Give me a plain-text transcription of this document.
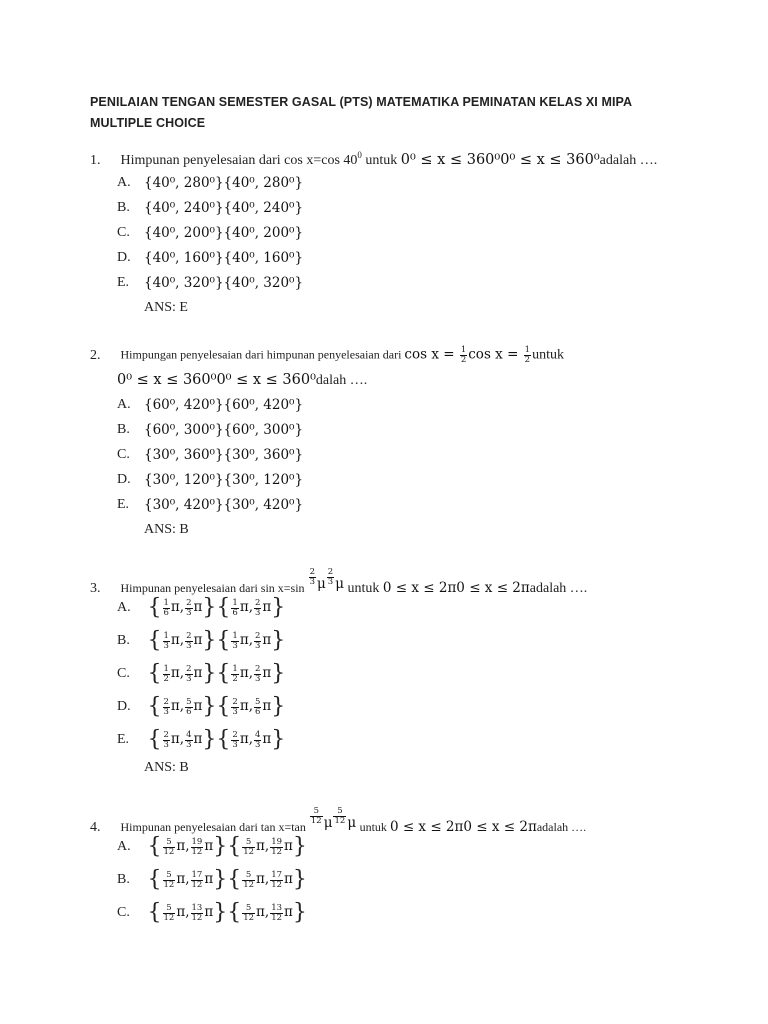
PENILAIAN TENGAN SEMESTER GASAL (PTS) MATEMATIKA PEMINATAN KELAS XI MIPA
MULTIPLE CHOICE
1. Himpunan penyelesaian dari cos x=cos $40^0$ untuk 0⁰ ≤ x ≤ 360⁰0⁰ ≤ x ≤ 360⁰adalah ….
A. {40⁰, 280⁰}{40⁰, 280⁰}
B. {40⁰, 240⁰}{40⁰, 240⁰}
C. {40⁰, 200⁰}{40⁰, 200⁰}
D. {40⁰, 160⁰}{40⁰, 160⁰}
E. {40⁰, 320⁰}{40⁰, 320⁰}
ANS: E
2. Himpungan penyelesaian dari himpunan penyelesaian dari $\cos x = \frac{1}{2}$ $\cos x = \frac{1}{2}$ untuk
0⁰ ≤ x ≤ 360⁰0⁰ ≤ x ≤ 360⁰dalah ….
A. {60⁰, 420⁰}{60⁰, 420⁰}
B. {60⁰, 300⁰}{60⁰, 300⁰}
C. {30⁰, 360⁰}{30⁰, 360⁰}
D. {30⁰, 120⁰}{30⁰, 120⁰}
E. {30⁰, 420⁰}{30⁰, 420⁰}
ANS: B
3. Himpunan penyelesaian dari sin x=sin
$\frac{2}{3}$ μ $\frac{2}{3}$ μ untuk 0 ≤ x ≤ 2π0 ≤ x ≤ 2πadalah ….
A. { $\frac{1}{6} \pi$, $\frac{2}{3} \pi\}\{ \frac{1}{6} \pi$, $\frac{2}{3} \pi$}
B. { $\frac{1}{3} \pi$, $\frac{2}{3} \pi\}\{ \frac{1}{3} \pi$, $\frac{2}{3} \pi$}
C. { $\frac{1}{2} \pi$, $\frac{2}{3} \pi\}\{ \frac{1}{2} \pi$, $\frac{2}{3} \pi$}
D. { $\frac{2}{3} \pi$, $\frac{5}{6} \pi\}\{ \frac{2}{3} \pi$, $\frac{5}{6} \pi$}
E. { $\frac{2}{3} \pi$, $\frac{4}{3} \pi\}\{ \frac{2}{3} \pi$, $\frac{4}{3} \pi$}
ANS: B
4. Himpunan penyelesaian dari tan x=tan
$\frac{5}{12}$ μ $\frac{5}{12}$ μ untuk 0 ≤ x ≤ 2π0 ≤ x ≤ 2πadalah ….
A. { $\frac{5}{12} \pi$, $\frac{19}{12} \pi\}\{ \frac{5}{12} \pi$, $\frac{19}{12} \pi$}
B. { $\frac{5}{12} \pi$, $\frac{17}{12} \pi\}\{ \frac{5}{12} \pi$, $\frac{17}{12} \pi$}
C. { $\frac{5}{12} \pi$, $\frac{13}{12} \pi\}\{ \frac{5}{12} \pi$, $\frac{13}{12} \pi$}
